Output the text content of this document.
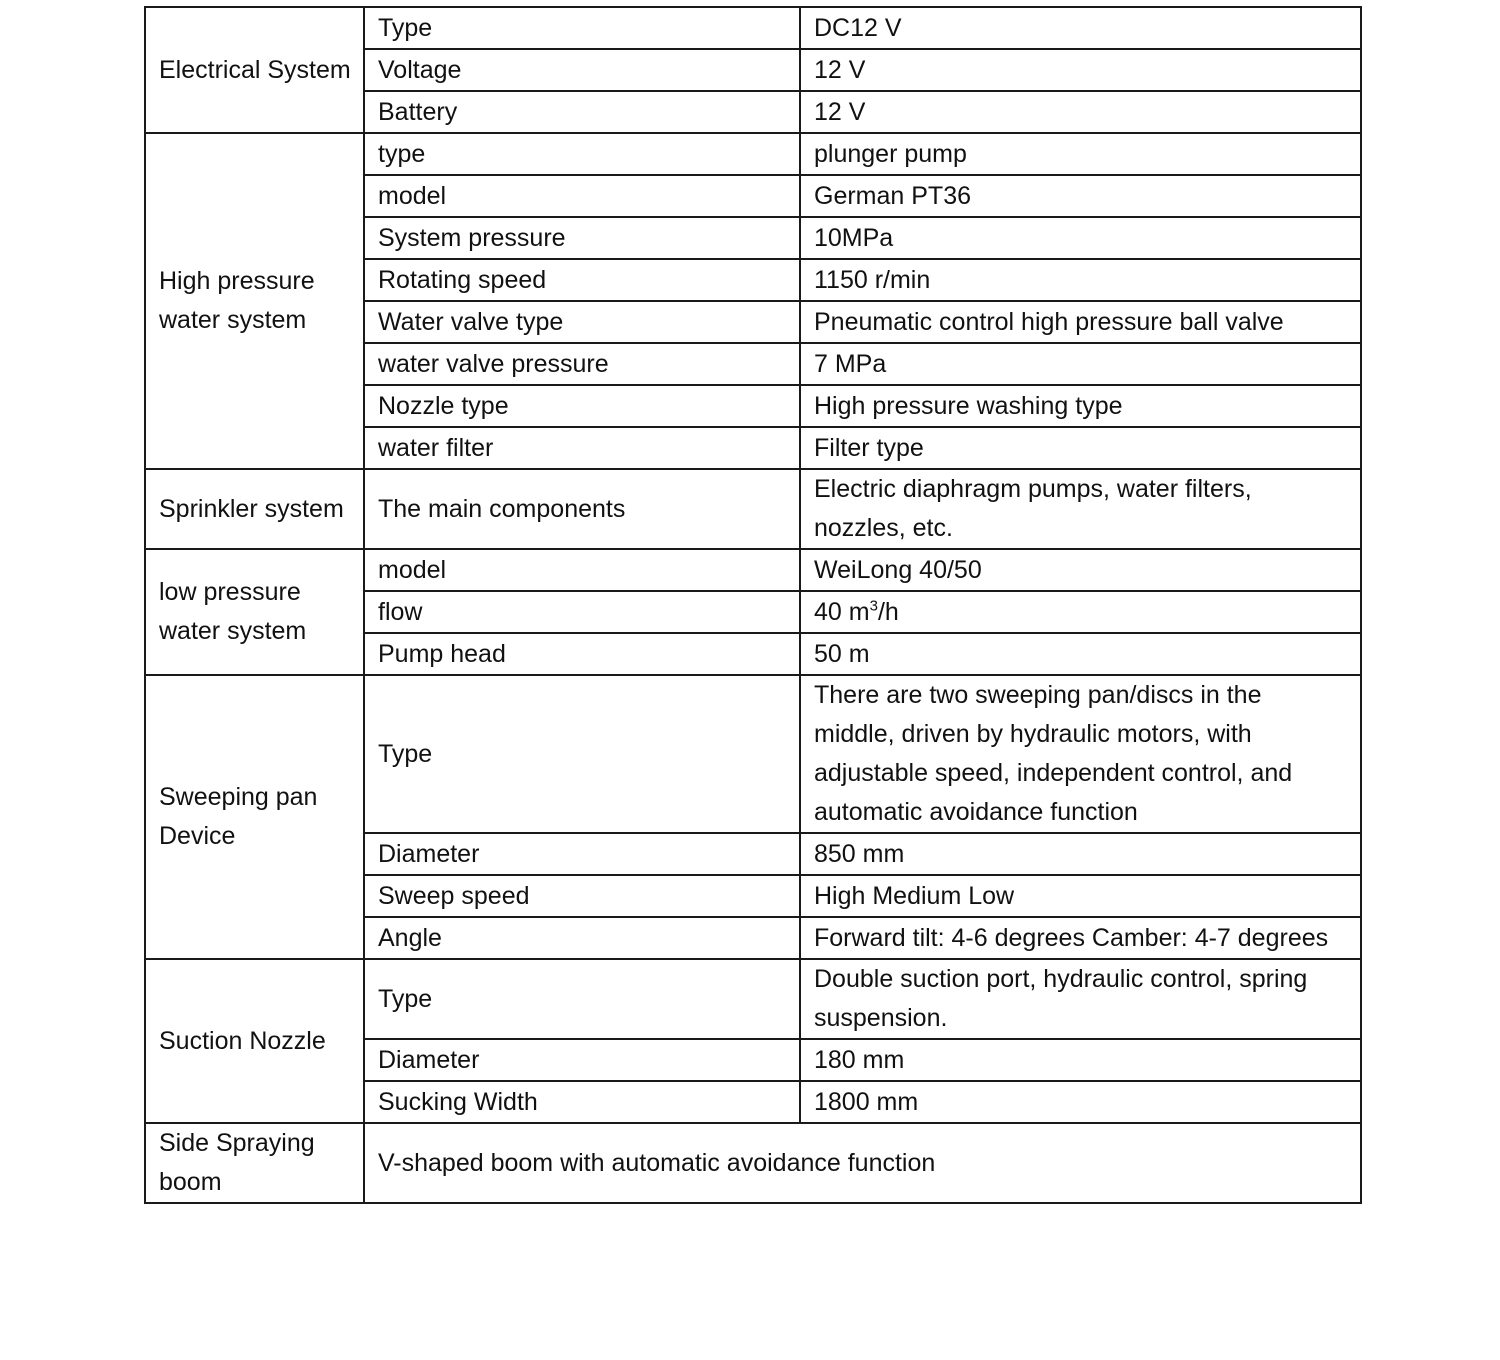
Electrical System	Type	DC12 V
	Voltage	12 V
	Battery	12 V
High pressure water system	type	plunger pump
	model	German PT36
	System pressure	10MPa
	Rotating speed	1150 r/min
	Water valve type	Pneumatic control high pressure ball valve
	water valve pressure	7 MPa
	Nozzle type	High pressure washing type
	water filter	Filter type
Sprinkler system	The main components	Electric diaphragm pumps, water filters, nozzles, etc.
low pressure water system	model	WeiLong 40/50
	flow	40 $m^3/h$
	Pump head	50 m
Sweeping pan Device	Type	There are two sweeping pan/discs in the middle, driven by hydraulic motors, with adjustable speed, independent control, and automatic avoidance function
	Diameter	850 mm
	Sweep speed	High Medium Low
	Angle	Forward tilt: 4-6 degrees Camber: 4-7 degrees
Suction Nozzle	Type	Double suction port, hydraulic control, spring suspension.
	Diameter	180 mm
	Sucking Width	1800 mm
Side Spraying boom	V-shaped boom with automatic avoidance function	
